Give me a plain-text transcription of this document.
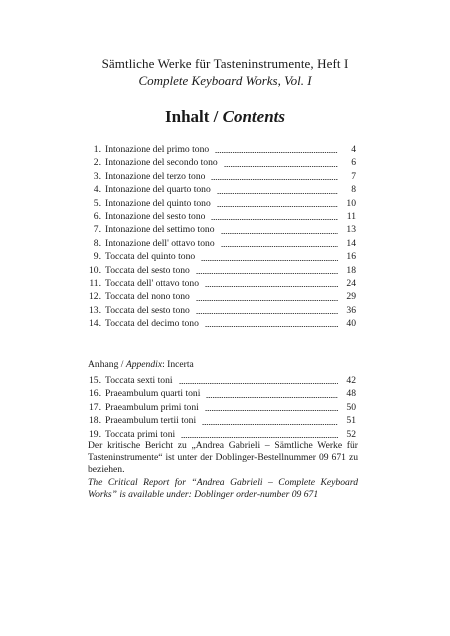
Sämtliche Werke für Tasteninstrumente, Heft I
Complete Keyboard Works, Vol. I
Inhalt / Contents
1. Intonazione del primo tono	4
2. Intonazione del secondo tono	6
3. Intonazione del terzo tono	7
4. Intonazione del quarto tono	8
5. Intonazione del quinto tono	10
6. Intonazione del sesto tono	11
7. Intonazione del settimo tono	13
8. Intonazione dell' ottavo tono	14
9. Toccata del quinto tono	16
10. Toccata del sesto tono	18
11. Toccata dell' ottavo tono	24
12. Toccata del nono tono	29
13. Toccata del sesto tono	36
14. Toccata del decimo tono	40
Anhang / Appendix: Incerta
15. Toccata sexti toni	42
16. Praeambulum quarti toni	48
17. Praeambulum primi toni	50
18. Praeambulum tertii toni	51
19. Toccata primi toni	52
Der kritische Bericht zu „Andrea Gabrieli – Sämtliche Werke für Tasteninstrumente“ ist unter der Doblinger-Bestellnummer 09 671 zu beziehen.
The Critical Report for “Andrea Gabrieli – Complete Keyboard Works” is available under: Doblinger order-number 09 671
